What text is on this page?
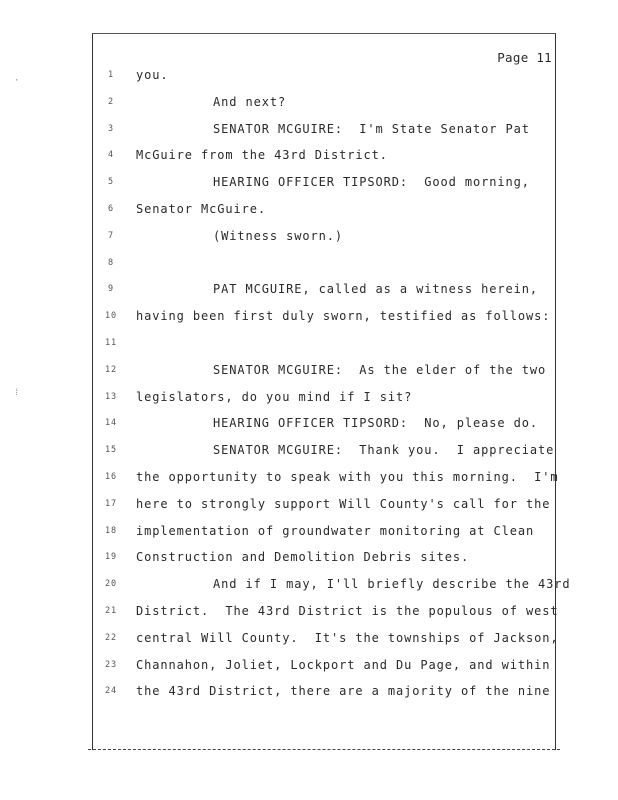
Page 11
1	you.
2	And next?
3	SENATOR MCGUIRE:  I'm State Senator Pat
4	McGuire from the 43rd District.
5	HEARING OFFICER TIPSORD:  Good morning,
6	Senator McGuire.
7	(Witness sworn.)
8
9	PAT MCGUIRE, called as a witness herein,
10	having been first duly sworn, testified as follows:
11
12	SENATOR MCGUIRE:  As the elder of the two
13	legislators, do you mind if I sit?
14	HEARING OFFICER TIPSORD:  No, please do.
15	SENATOR MCGUIRE:  Thank you.  I appreciate
16	the opportunity to speak with you this morning.  I'm
17	here to strongly support Will County's call for the
18	implementation of groundwater monitoring at Clean
19	Construction and Demolition Debris sites.
20	And if I may, I'll briefly describe the 43rd
21	District.  The 43rd District is the populous of west
22	central Will County.  It's the townships of Jackson,
23	Channahon, Joliet, Lockport and Du Page, and within
24	the 43rd District, there are a majority of the nine
·
⁞
